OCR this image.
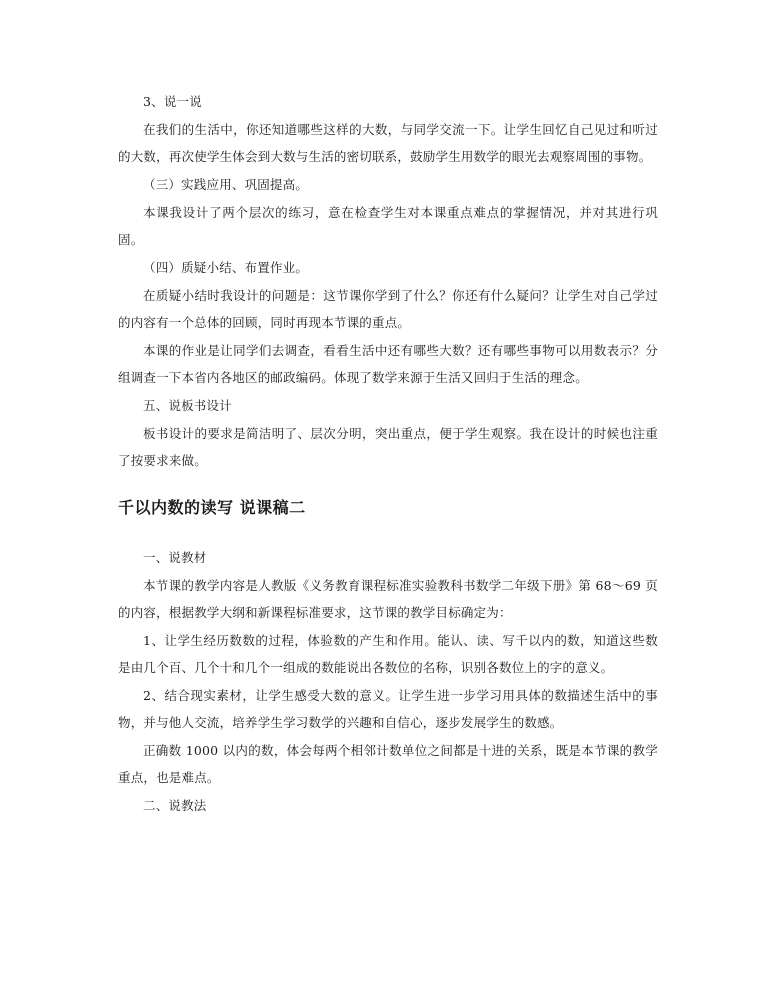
3、说一说

在我们的生活中，你还知道哪些这样的大数，与同学交流一下。让学生回忆自己见过和听过的大数，再次使学生体会到大数与生活的密切联系，鼓励学生用数学的眼光去观察周围的事物。

（三）实践应用、巩固提高。

本课我设计了两个层次的练习，意在检查学生对本课重点难点的掌握情况，并对其进行巩固。

（四）质疑小结、布置作业。

在质疑小结时我设计的问题是：这节课你学到了什么？你还有什么疑问？让学生对自己学过的内容有一个总体的回顾，同时再现本节课的重点。

本课的作业是让同学们去调查，看看生活中还有哪些大数？还有哪些事物可以用数表示？分组调查一下本省内各地区的邮政编码。体现了数学来源于生活又回归于生活的理念。

五、说板书设计

板书设计的要求是简洁明了、层次分明，突出重点，便于学生观察。我在设计的时候也注重了按要求来做。

千以内数的读写 说课稿二

一、说教材

本节课的教学内容是人教版《义务教育课程标准实验教科书数学二年级下册》第 68～69 页的内容，根据教学大纲和新课程标准要求，这节课的教学目标确定为：

1、让学生经历数数的过程，体验数的产生和作用。能认、读、写千以内的数，知道这些数是由几个百、几个十和几个一组成的数能说出各数位的名称，识别各数位上的字的意义。

2、结合现实素材，让学生感受大数的意义。让学生进一步学习用具体的数描述生活中的事物，并与他人交流，培养学生学习数学的兴趣和自信心，逐步发展学生的数感。

正确数 1000 以内的数，体会每两个相邻计数单位之间都是十进的关系，既是本节课的教学重点，也是难点。

二、说教法
